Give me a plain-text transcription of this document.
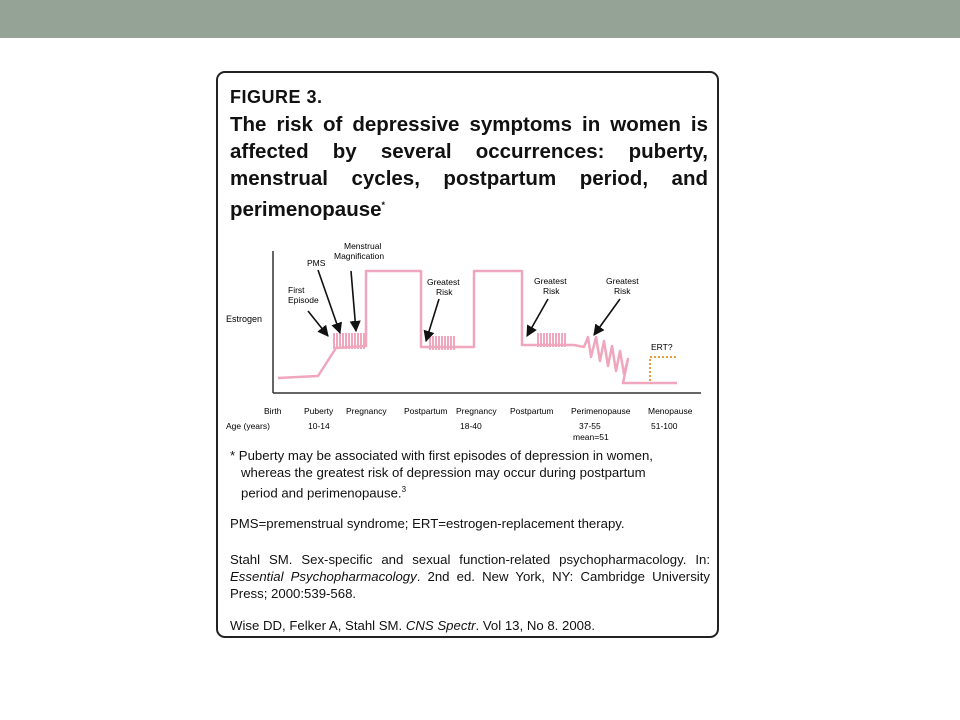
FIGURE 3.
The risk of depressive symptoms in women is affected by several occurrences: puberty, menstrual cycles, postpartum period, and perimenopause*
Estrogen
ERT?
First Episode
PMS
Menstrual Magnification
Greatest Risk
Greatest Risk
Greatest Risk
Birth	Puberty Pregnancy Postpartum Pregnancy Postpartum Perimenopause Menopause
Age (years)	10-14	18-40	37-55
mean=51
51-100
* Puberty may be associated with first episodes of depression in women,
whereas the greatest risk of depression may occur during postpartum
period and perimenopause.$^3$
PMS=premenstrual syndrome; ERT=estrogen-replacement therapy.
Stahl SM. Sex-specific and sexual function-related psychopharmacology. In: Essential Psychopharmacology. 2nd ed. New York, NY: Cambridge University Press; 2000:539-568.
Wise DD, Felker A, Stahl SM. CNS Spectr. Vol 13, No 8. 2008.
